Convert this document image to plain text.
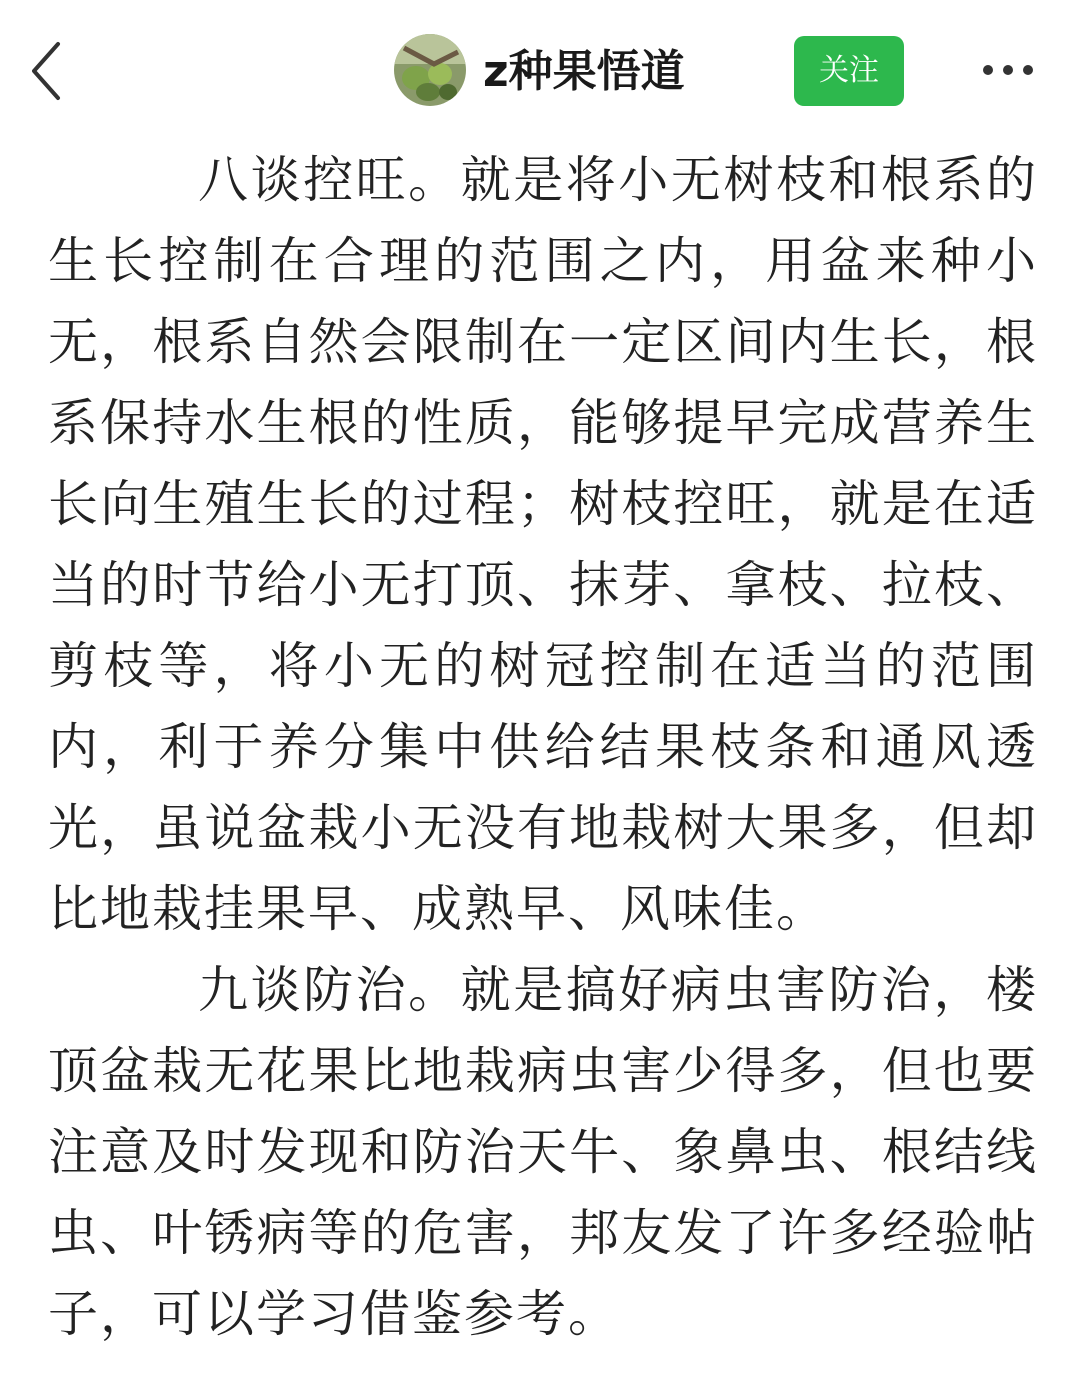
z种果悟道	关注

八谈控旺。就是将小无树枝和根系的生长控制在合理的范围之内，用盆来种小无，根系自然会限制在一定区间内生长，根系保持水生根的性质，能够提早完成营养生长向生殖生长的过程；树枝控旺，就是在适当的时节给小无打顶、抹芽、拿枝、拉枝、剪枝等，将小无的树冠控制在适当的范围内，利于养分集中供给结果枝条和通风透光，虽说盆栽小无没有地栽树大果多，但却比地栽挂果早、成熟早、风味佳。

九谈防治。就是搞好病虫害防治，楼顶盆栽无花果比地栽病虫害少得多，但也要注意及时发现和防治天牛、象鼻虫、根结线虫、叶锈病等的危害，邦友发了许多经验帖子，可以学习借鉴参考。
